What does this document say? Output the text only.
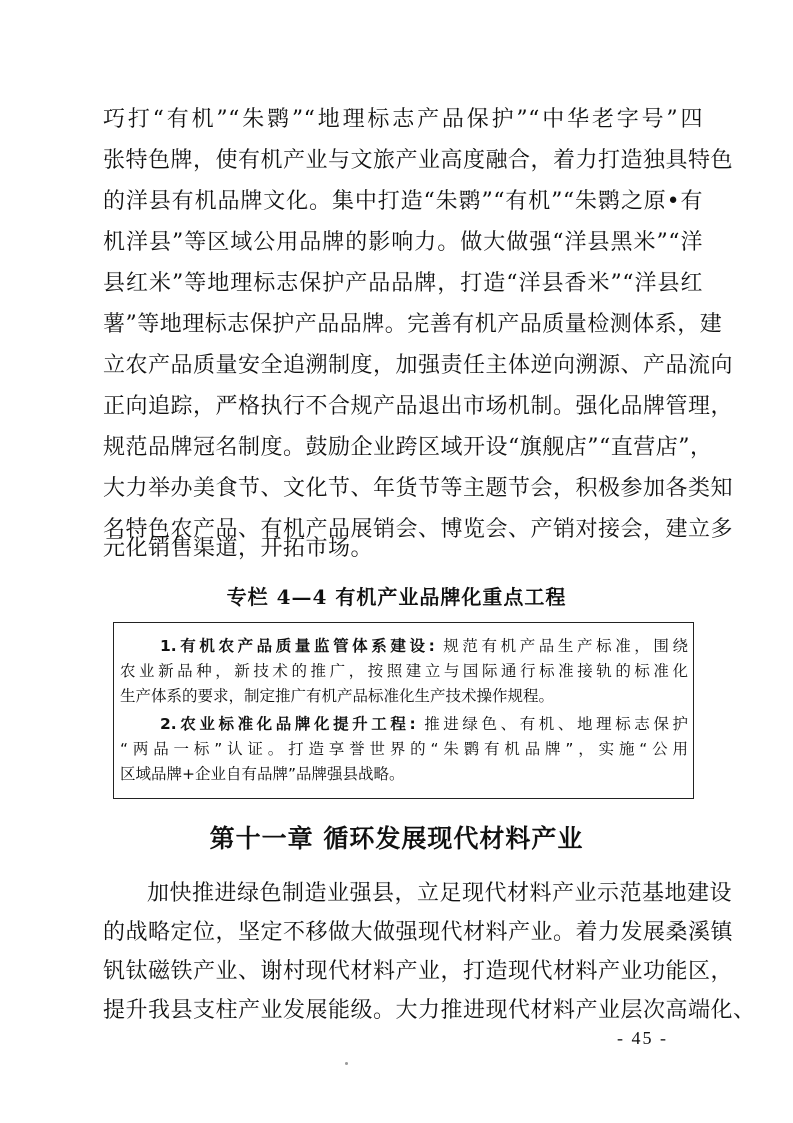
巧打“有机”“朱鹮”“地理标志产品保护”“中华老字号”四
张特色牌，使有机产业与文旅产业高度融合，着力打造独具特色
的洋县有机品牌文化。集中打造“朱鹮”“有机”“朱鹮之原•有
机洋县”等区域公用品牌的影响力。做大做强“洋县黑米”“洋
县红米”等地理标志保护产品品牌，打造“洋县香米”“洋县红
薯”等地理标志保护产品品牌。完善有机产品质量检测体系，建
立农产品质量安全追溯制度，加强责任主体逆向溯源、产品流向
正向追踪，严格执行不合规产品退出市场机制。强化品牌管理，
规范品牌冠名制度。鼓励企业跨区域开设“旗舰店”“直营店”，
大力举办美食节、文化节、年货节等主题节会，积极参加各类知
名特色农产品、有机产品展销会、博览会、产销对接会，建立多
元化销售渠道，开拓市场。
专栏 4—4 有机产业品牌化重点工程
1.有机农产品质量监管体系建设: 规范有机产品生产标准，围绕
农业新品种，新技术的推广，按照建立与国际通行标准接轨的标准化
生产体系的要求，制定推广有机产品标准化生产技术操作规程。
2.农业标准化品牌化提升工程: 推进绿色、有机、地理标志保护
“两品一标”认证。打造享誉世界的“朱鹮有机品牌”，实施“公用
区域品牌+企业自有品牌”品牌强县战略。
第十一章 循环发展现代材料产业
加快推进绿色制造业强县，立足现代材料产业示范基地建设
的战略定位，坚定不移做大做强现代材料产业。着力发展桑溪镇
钒钛磁铁产业、谢村现代材料产业，打造现代材料产业功能区，
提升我县支柱产业发展能级。大力推进现代材料产业层次高端化、
- 45 -
